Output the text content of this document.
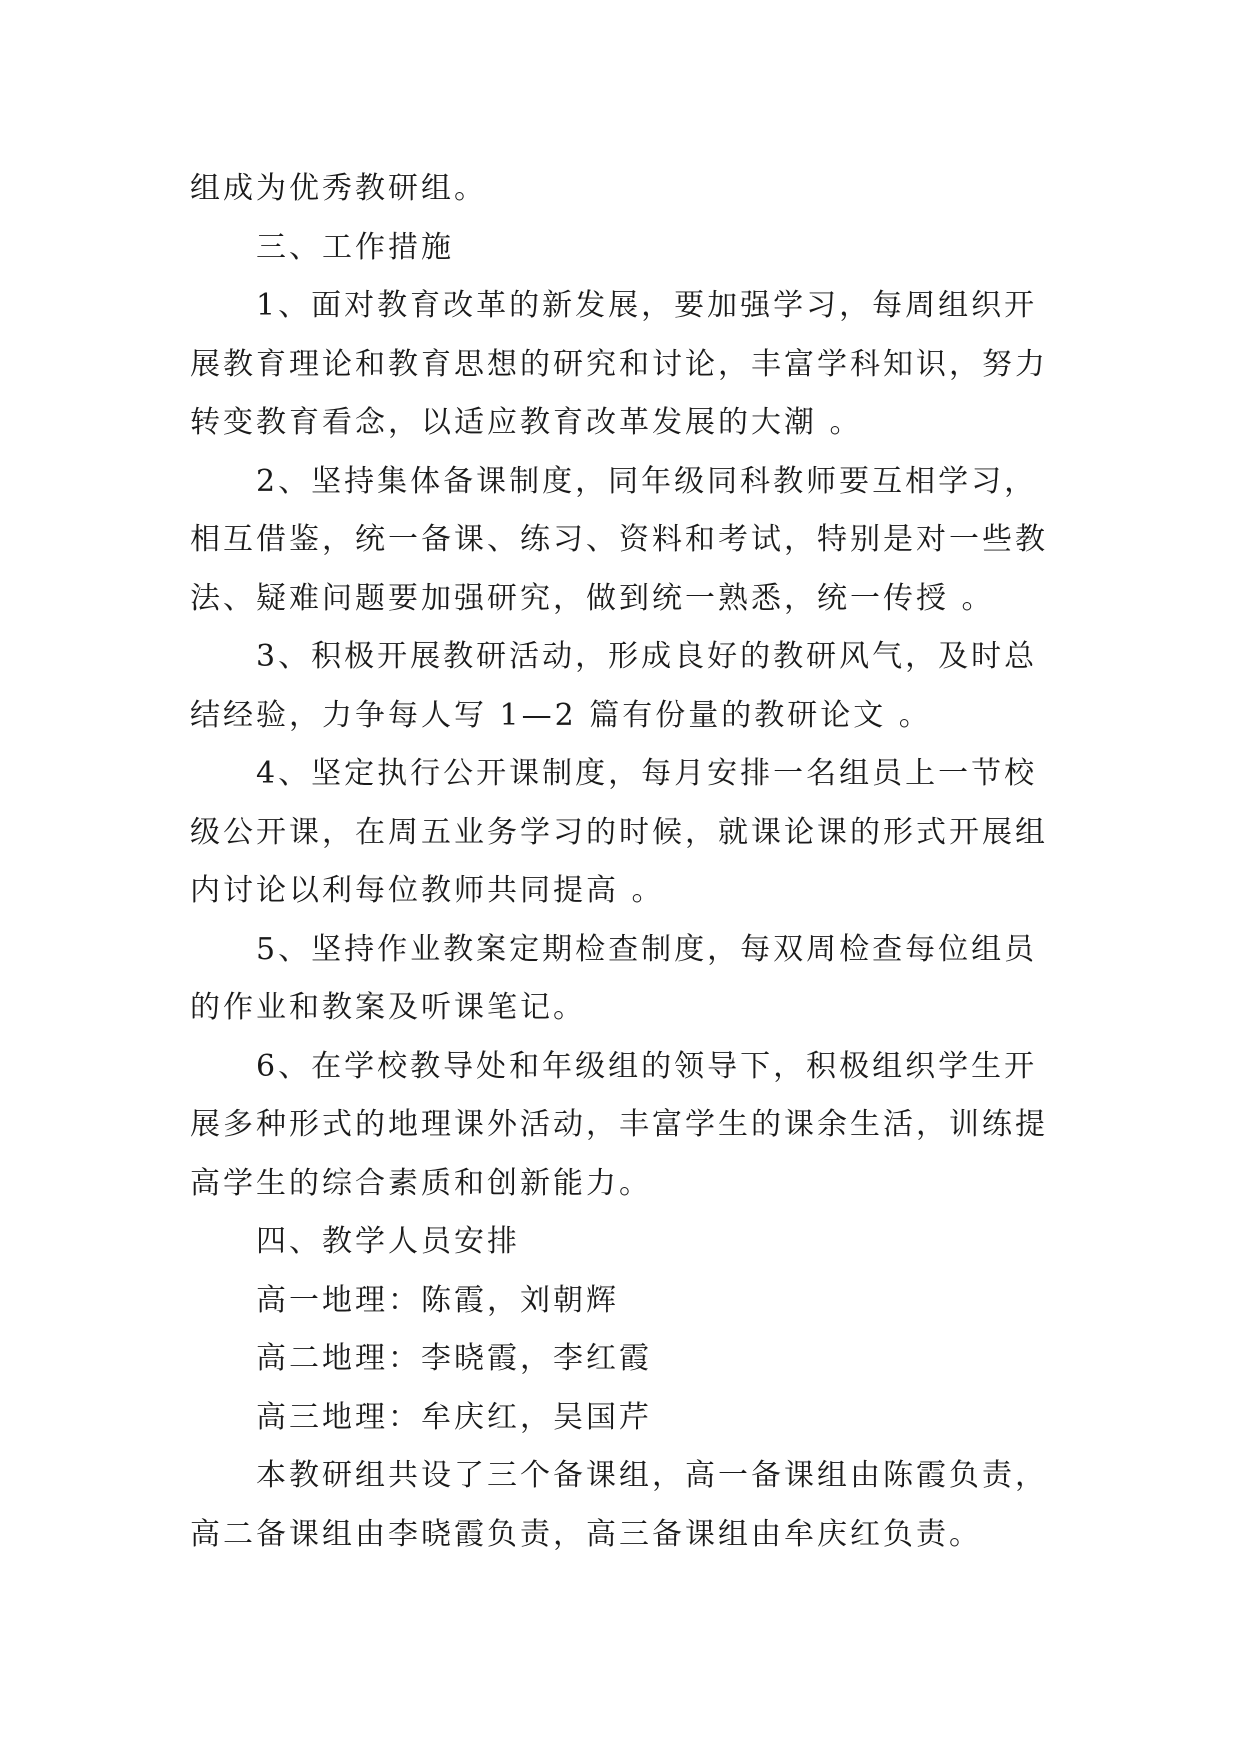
组成为优秀教研组。
三、工作措施
1、面对教育改革的新发展，要加强学习，每周组织开
展教育理论和教育思想的研究和讨论，丰富学科知识，努力
转变教育看念，以适应教育改革发展的大潮 。
2、坚持集体备课制度，同年级同科教师要互相学习，
相互借鉴，统一备课、练习、资料和考试，特别是对一些教
法、疑难问题要加强研究，做到统一熟悉，统一传授 。
3、积极开展教研活动，形成良好的教研风气，及时总
结经验，力争每人写 1—2 篇有份量的教研论文 。
4、坚定执行公开课制度，每月安排一名组员上一节校
级公开课，在周五业务学习的时候，就课论课的形式开展组
内讨论以利每位教师共同提高 。
5、坚持作业教案定期检查制度，每双周检查每位组员
的作业和教案及听课笔记。
6、在学校教导处和年级组的领导下，积极组织学生开
展多种形式的地理课外活动，丰富学生的课余生活，训练提
高学生的综合素质和创新能力。
四、教学人员安排
高一地理：陈霞，刘朝辉
高二地理：李晓霞，李红霞
高三地理：牟庆红，吴国芹
本教研组共设了三个备课组，高一备课组由陈霞负责，
高二备课组由李晓霞负责，高三备课组由牟庆红负责。
